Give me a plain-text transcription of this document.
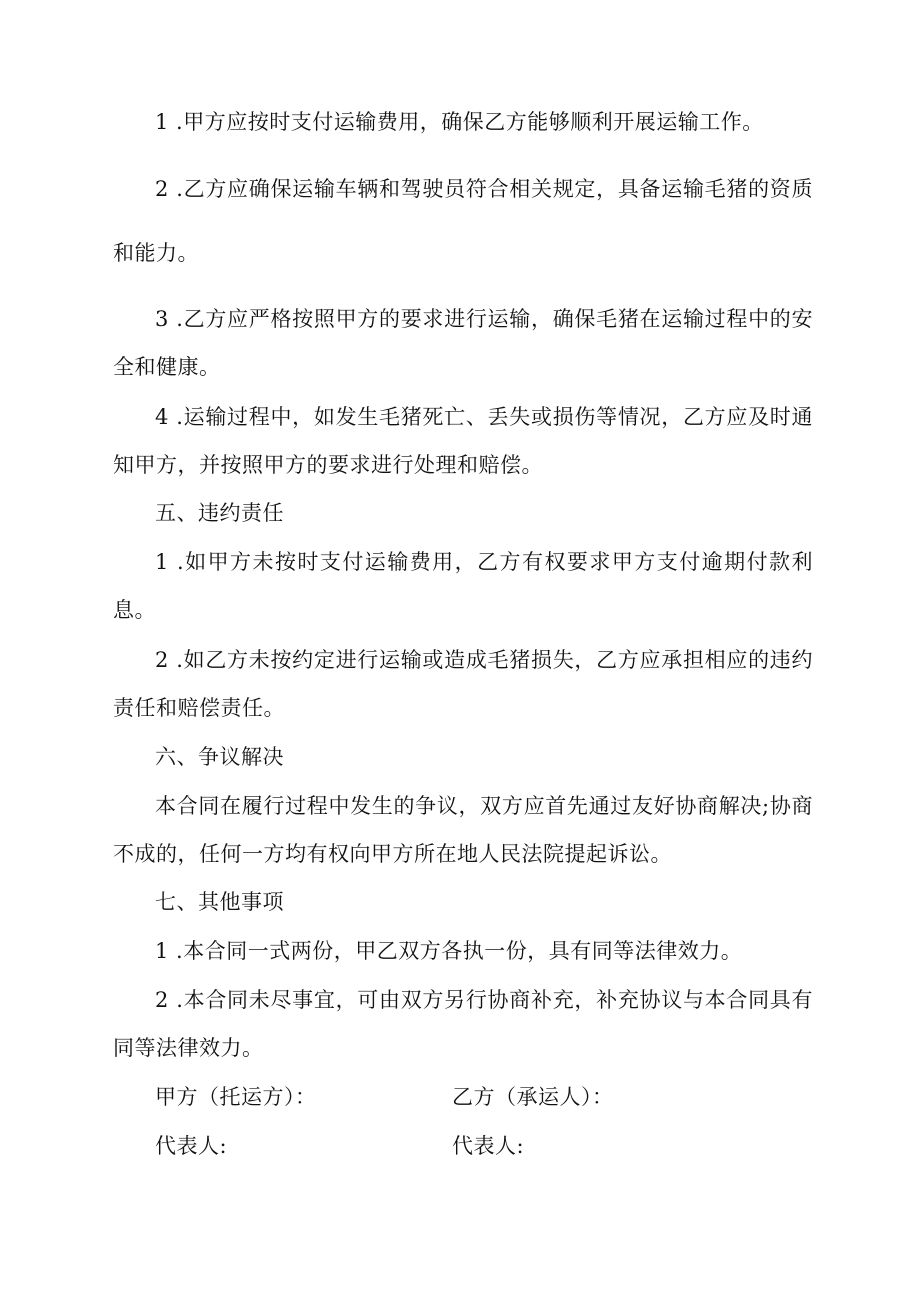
1 .甲方应按时支付运输费用，确保乙方能够顺利开展运输工作。

2 .乙方应确保运输车辆和驾驶员符合相关规定，具备运输毛猪的资质和能力。

3 .乙方应严格按照甲方的要求进行运输，确保毛猪在运输过程中的安全和健康。

4 .运输过程中，如发生毛猪死亡、丢失或损伤等情况，乙方应及时通知甲方，并按照甲方的要求进行处理和赔偿。

五、违约责任

1 .如甲方未按时支付运输费用，乙方有权要求甲方支付逾期付款利息。

2 .如乙方未按约定进行运输或造成毛猪损失，乙方应承担相应的违约责任和赔偿责任。

六、争议解决

本合同在履行过程中发生的争议，双方应首先通过友好协商解决;协商不成的，任何一方均有权向甲方所在地人民法院提起诉讼。

七、其他事项

1 .本合同一式两份，甲乙双方各执一份，具有同等法律效力。

2 .本合同未尽事宜，可由双方另行协商补充，补充协议与本合同具有同等法律效力。

甲方（托运方）：	乙方（承运人）：

代表人:	代表人:
